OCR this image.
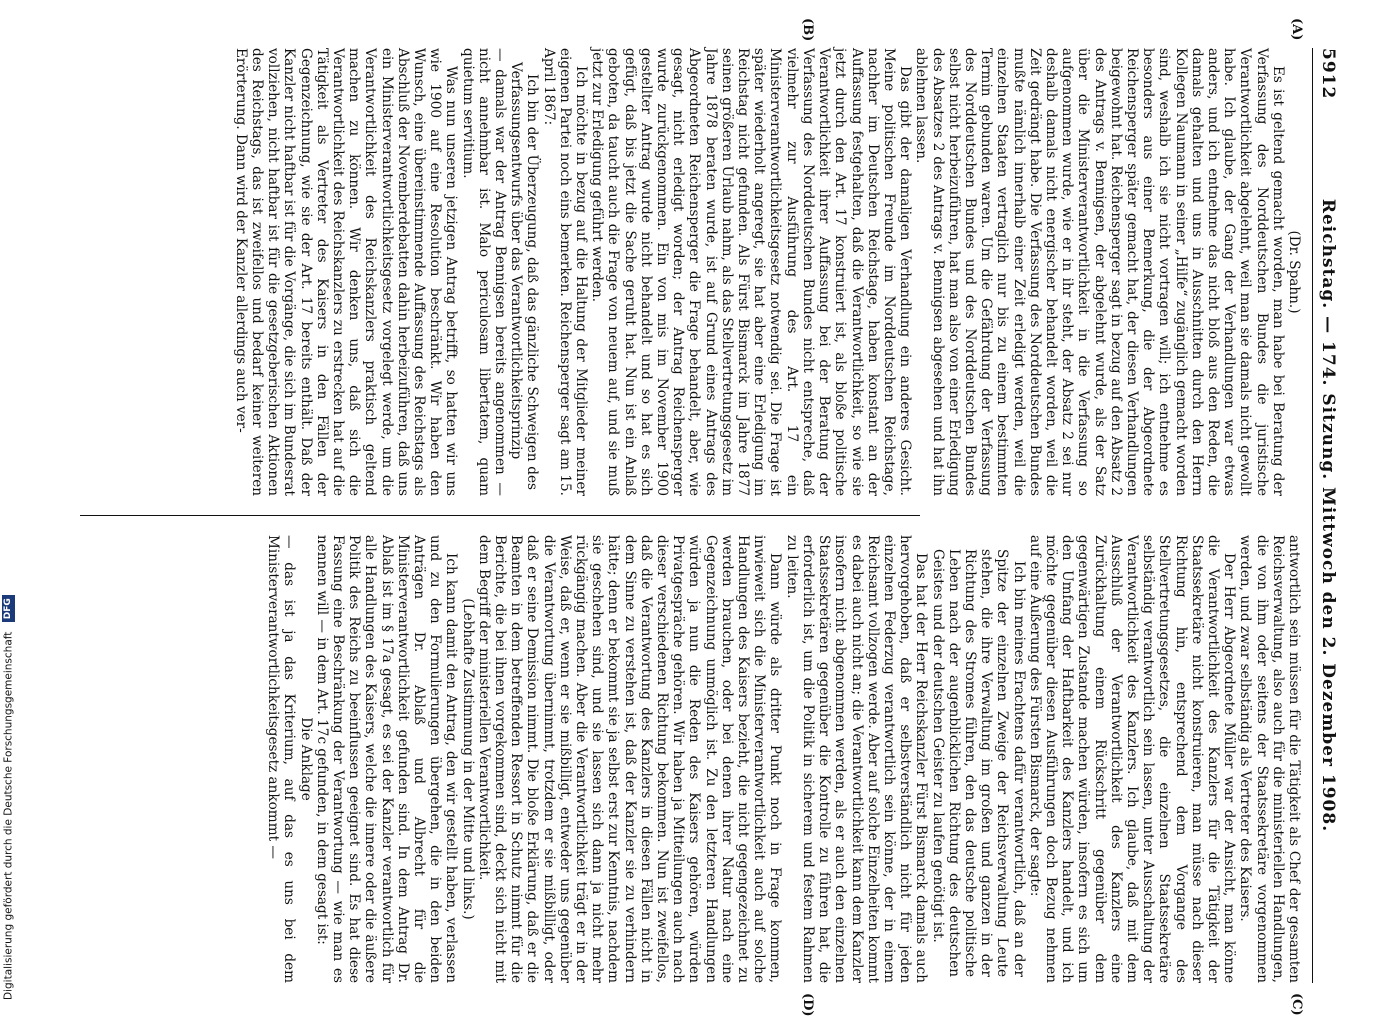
5912
Reichstag. — 174. Sitzung. Mittwoch den 2. Dezember 1908.
(A)
(B)
(C)
(D)

(Dr. Spahn.)

Es ist geltend gemacht worden, man habe bei Beratung der Verfassung des Norddeutschen Bundes die juristische Verantwortlichkeit abgelehnt, weil man sie damals nicht gewollt habe. Ich glaube, der Gang der Verhandlungen war etwas anders, und ich entnehme das nicht bloß aus den Reden, die damals gehalten und uns in Ausschnitten durch den Herrn Kollegen Naumann in seiner „Hilfe“ zugänglich gemacht worden sind, weshalb ich sie nicht vortragen will; ich entnehme es besonders aus einer Bemerkung, die der Abgeordnete Reichensperger später gemacht hat, der diesen Verhandlungen beigewohnt hat. Reichensperger sagt in bezug auf den Absatz 2 des Antrags v. Bennigsen, der abgelehnt wurde, als der Satz über die Ministerverantwortlichkeit in die Verfassung so aufgenommen wurde, wie er in ihr steht, der Absatz 2 sei nur deshalb damals nicht energischer behandelt worden, weil die Zeit gedrängt habe. Die Verfassung des Norddeutschen Bundes mußte nämlich innerhalb einer Zeit erledigt werden, weil die einzelnen Staaten vertraglich nur bis zu einem bestimmten Termin gebunden waren. Um die Gefährdung der Verfassung des Norddeutschen Bundes und des Norddeutschen Bundes selbst nicht herbeizuführen, hat man also von einer Erledigung des Absatzes 2 des Antrags v. Bennigsen abgesehen und hat ihn ablehnen lassen.

Das gibt der damaligen Verhandlung ein anderes Gesicht. Meine politischen Freunde im Norddeutschen Reichstage, nachher im Deutschen Reichstage, haben konstant an der Auffassung festgehalten, daß die Verantwortlichkeit, so wie sie jetzt durch den Art. 17 konstruiert ist, als bloße politische Verantwortlichkeit ihrer Auffassung bei der Beratung der Verfassung des Norddeutschen Bundes nicht entspreche, daß vielmehr zur Ausführung des Art. 17 ein Ministerverantwortlichkeitsgesetz notwendig sei. Die Frage ist später wiederholt angeregt, sie hat aber eine Erledigung im Reichstag nicht gefunden. Als Fürst Bismarck im Jahre 1877 seinen größeren Urlaub nahm, als das Stellvertretungsgesetz im Jahre 1878 beraten wurde, ist auf Grund eines Antrags des Abgeordneten Reichensperger die Frage behandelt, aber, wie gesagt, nicht erledigt worden; der Antrag Reichensperger wurde zurückgenommen. Ein von mis im November 1900 gestellter Antrag wurde nicht behandelt und so hat es sich gefügt, daß bis jetzt die Sache geruht hat. Nun ist ein Anlaß geboten, da taucht auch die Frage von neuem auf, und sie muß jetzt zur Erledigung geführt werden.

Ich möchte in bezug auf die Haltung der Mitglieder meiner eigenen Partei noch eins bemerken. Reichensperger sagt am 15. April 1867:

Ich bin der Überzeugung, daß das gänzliche Schweigen des Verfassungsentwurfs über das Verantwortlichkeitsprinzip

— damals war der Antrag Bennigsen bereits angenommen — nicht annehmbar ist. Malo periculosam libertatem, quam quietum servitium.

Was nun unseren jetzigen Antrag betrifft, so hatten wir uns wie 1900 auf eine Resolution beschränkt. Wir haben den Wunsch, eine übereinstimmende Auffassung des Reichstags als Abschluß der Novemberdebatten dahin herbeizuführen, daß uns ein Ministerverantwortlichkeitsgesetz vorgelegt werde, um die Verantwortlichkeit des Reichskanzlers praktisch geltend machen zu können. Wir denken uns, daß sich die Verantwortlichkeit des Reichskanzlers zu erstrecken hat auf die Tätigkeit als Vertreter des Kaisers in den Fällen der Gegenzeichnung, wie sie der Art. 17 bereits enthält. Daß der Kanzler nicht haftbar ist für die Vorgänge, die sich im Bundesrat vollziehen, nicht haftbar ist für die gesetzgeberischen Aktionen des Reichstags, das ist zweifellos und bedarf keiner weiteren Erörterung. Dann wird der Kanzler allerdings auch ver-

antwortlich sein müssen für die Tätigkeit als Chef der gesamten Reichsverwaltung, also auch für die ministeriellen Handlungen, die von ihm oder seitens der Staatssekretäre vorgenommen werden, und zwar selbständig als Vertreter des Kaisers.

Der Herr Abgeordnete Müller war der Ansicht, man könne die Verantwortlichkeit des Kanzlers für die Tätigkeit der Staatssekretäre nicht konstruieren, man müsse nach dieser Richtung hin, entsprechend dem Vorgange des Stellvertretungsgesetzes, die einzelnen Staatssekretäre selbständig verantwortlich sein lassen, unter Ausschaltung der Verantwortlichkeit des Kanzlers. Ich glaube, daß mit dem Ausschluß der Verantwortlichkeit des Kanzlers eine Zurückhaltung einem Rückschritt gegenüber dem gegenwärtigen Zustande machen würden, insofern es sich um den Umfang der Haftbarkeit des Kanzlers handelt, und ich möchte gegenüber diesen Ausführungen doch Bezug nehmen auf eine Äußerung des Fürsten Bismarck, der sagte:

Ich bin meines Erachtens dafür verantwortlich, daß an der Spitze der einzelnen Zweige der Reichsverwaltung Leute stehen, die ihre Verwaltung im großen und ganzen in der Richtung des Stromes führen, den das deutsche politische Leben nach der augenblicklichen Richtung des deutschen Geistes und der deutschen Geister zu laufen genötigt ist.

Das hat der Herr Reichskanzler Fürst Bismarck damals auch hervorgehoben, daß er selbstverständlich nicht für jeden einzelnen Federzug verantwortlich sein könne, der in einem Reichsamt vollzogen werde. Aber auf solche Einzelheiten kommt es dabei auch nicht an; die Verantwortlichkeit kann dem Kanzler insofern nicht abgenommen werden, als er auch den einzelnen Staatssekretären gegenüber die Kontrolle zu führen hat, die erforderlich ist, um die Politik in sicherem und festem Rahmen zu leiten.

Dann würde als dritter Punkt noch in Frage kommen, inwieweit sich die Ministerverantwortlichkeit auch auf solche Handlungen des Kaisers bezieht, die nicht gegengezeichnet zu werden brauchen, oder bei denen ihrer Natur nach eine Gegenzeichnung unmöglich ist. Zu den letzteren Handlungen würden ja nun die Reden des Kaisers gehören, würden Privatgespräche gehören. Wir haben ja Mitteilungen auch nach dieser verschiedenen Richtung bekommen. Nun ist zweifellos, daß die Verantwortung des Kanzlers in diesen Fällen nicht in dem Sinne zu verstehen ist, daß der Kanzler sie zu verhindern hätte; denn er bekommt sie ja selbst erst zur Kenntnis, nachdem sie geschehen sind, und sie lassen sich dann ja nicht mehr rückgängig machen. Aber die Verantwortlichkeit trägt er in der Weise, daß er, wenn er sie mißbilligt, entweder uns gegenüber die Verantwortung übernimmt, trotzdem er sie mißbilligt, oder daß er seine Demission nimmt. Die bloße Erklärung, daß er die Beamten in dem betreffenden Ressort in Schutz nimmt für die Berichte, die bei ihnen vorgekommen sind, deckt sich nicht mit dem Begriff der ministeriellen Verantwortlichkeit.

(Lebhafte Zustimmung in der Mitte und links.)

Ich kann damit den Antrag, den wir gestellt haben, verlassen und zu den Formulierungen übergehen, die in den beiden Anträgen Dr. Ablaß und Albrecht für die Ministerverantwortlichkeit gefunden sind. In dem Antrag Dr. Ablaß ist im § 17a gesagt, es sei der Kanzler verantwortlich für alle Handlungen des Kaisers, welche die innere oder die äußere Politik des Reichs zu beeinflussen geeignet sind. Es hat diese Fassung eine Beschränkung der Verantwortung — wie man es nennen will — in dem Art. 17c gefunden, in dem gesagt ist:

Die Anklage

— das ist ja das Kriterium, auf das es uns bei dem Ministerverantwortlichkeitsgesetz ankommt —

Digitalisierung gefördert durch die Deutsche Forschungsgemeinschaft DFG
